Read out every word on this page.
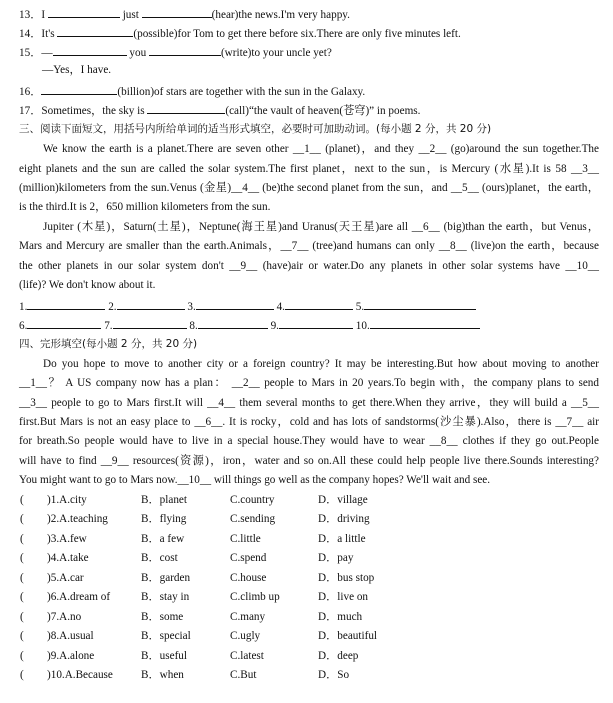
13．I	just	(hear)the news.I'm very happy.
14．It's	(possible)for Tom to get there before six.There are only five minutes left.
15．—	you	(write)to your uncle yet?
—Yes，I have.
16．	(billion)of stars are together with the sun in the Galaxy.
17．Sometimes，the sky is	(call)“the vault of heaven(苍穹)” in poems.
三、阅读下面短文，用括号内所给单词的适当形式填空，必要时可加助动词。(每小题 2 分，共 20 分)
We know the earth is a planet.There are seven other __1__ (planet)，and they __2__ (go)around the sun together.The
eight planets and the sun are called the solar system.The first planet，next to the sun，is Mercury (水星).It is 58 __3__
(million)kilometers from the sun.Venus (金星)__4__ (be)the second planet from the sun，and __5__ (ours)planet，the earth，
is the third.It is 2，650 million kilometers from the sun.
Jupiter (木星)，Saturn(土星)，Neptune(海王星)and Uranus(天王星)are all __6__ (big)than the earth，but Venus，
Mars and Mercury are smaller than the earth.Animals，__7__ (tree)and humans can only __8__ (live)on the earth，because
the other planets in our solar system don't __9__ (have)air or water.Do any planets in other solar systems have __10__
(life)? We don't know about it.
1.	2.	3.	4.	5.
6.	7.	8.	9.	10.
四、完形填空(每小题 2 分，共 20 分)
Do you hope to move to another city or a foreign country? It may be interesting.But how about moving to another
__1__？ A US company now has a plan： __2__ people to Mars in 20 years.To begin with，the company plans to send
__3__ people to go to Mars first.It will __4__ them several months to get there.When they arrive，they will build a __5__
first.But Mars is not an easy place to __6__. It is rocky，cold and has lots of sandstorms(沙尘暴).Also，there is __7__ air
for breath.So people would have to live in a special house.They would have to wear __8__ clothes if they go out.People
will have to find __9__ resources(资源)，iron，water and so on.All these could help people live there.Sounds interesting?
You might want to go to Mars now.__10__ will things go well as the company hopes? We'll wait and see.
( )1.A.city	B．planet	C.country	D．village
( )2.A.teaching	B．flying	C.sending	D．driving
( )3.A.few	B．a few	C.little	D．a little
( )4.A.take	B．cost	C.spend	D．pay
( )5.A.car	B．garden	C.house	D．bus stop
( )6.A.dream of	B．stay in	C.climb up	D．live on
( )7.A.no	B．some	C.many	D．much
( )8.A.usual	B．special	C.ugly	D．beautiful
( )9.A.alone	B．useful	C.latest	D．deep
( )10.A.Because	B．when	C.But	D．So
